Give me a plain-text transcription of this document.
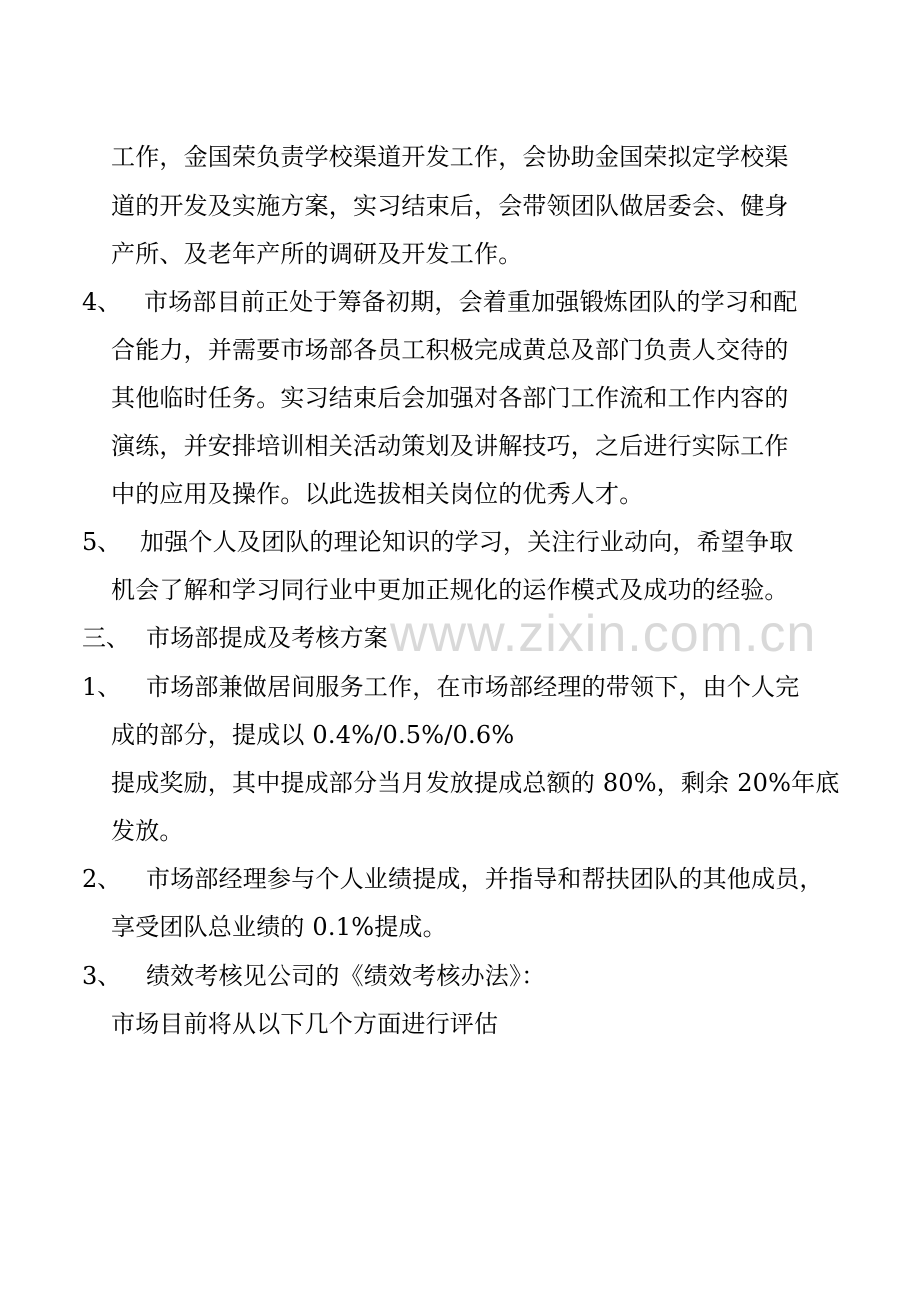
www.zixin.com.cn
工作，金国荣负责学校渠道开发工作，会协助金国荣拟定学校渠
道的开发及实施方案，实习结束后，会带领团队做居委会、健身
产所、及老年产所的调研及开发工作。
4、 市场部目前正处于筹备初期，会着重加强锻炼团队的学习和配
合能力，并需要市场部各员工积极完成黄总及部门负责人交待的
其他临时任务。实习结束后会加强对各部门工作流和工作内容的
演练，并安排培训相关活动策划及讲解技巧，之后进行实际工作
中的应用及操作。以此选拔相关岗位的优秀人才。
5、 加强个人及团队的理论知识的学习，关注行业动向，希望争取
机会了解和学习同行业中更加正规化的运作模式及成功的经验。
三、 市场部提成及考核方案
1、 市场部兼做居间服务工作，在市场部经理的带领下，由个人完
成的部分，提成以 0.4%/0.5%/0.6%
提成奖励，其中提成部分当月发放提成总额的 80%，剩余 20%年底
发放。
2、 市场部经理参与个人业绩提成，并指导和帮扶团队的其他成员，
享受团队总业绩的 0.1%提成。
3、 绩效考核见公司的《绩效考核办法》：
市场目前将从以下几个方面进行评估
